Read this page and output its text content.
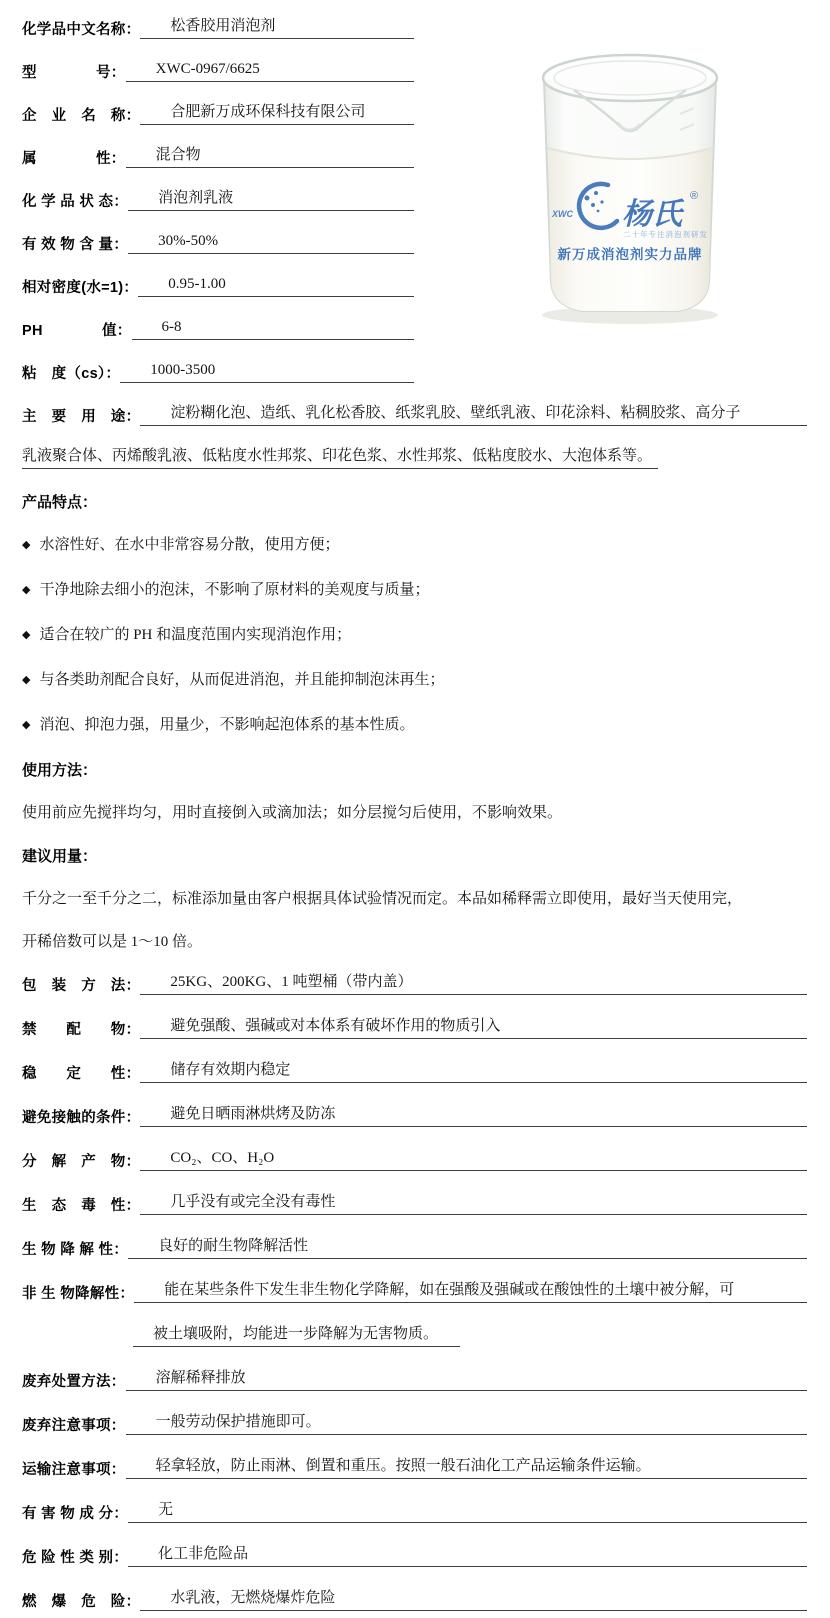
化学品中文名称：	松香胶用消泡剂
型　　　　号：	XWC-0967/6625
企　业　名　称：	合肥新万成环保科技有限公司
属　　　　性：	混合物
化 学 品 状 态：	消泡剂乳液
有 效 物 含 量：	30%-50%
相对密度(水=1)：	0.95-1.00
PH　　　　值：	6-8
粘　度（cs）：	1000-3500
主　要　用　途：	淀粉糊化泡、造纸、乳化松香胶、纸浆乳胶、壁纸乳液、印花涂料、粘稠胶浆、高分子
乳液聚合体、丙烯酸乳液、低粘度水性邦浆、印花色浆、水性邦浆、低粘度胶水、大泡体系等。
产品特点：
◆ 水溶性好、在水中非常容易分散，使用方便；
◆ 干净地除去细小的泡沫，不影响了原材料的美观度与质量；
◆ 适合在较广的 PH 和温度范围内实现消泡作用；
◆ 与各类助剂配合良好，从而促进消泡，并且能抑制泡沫再生；
◆ 消泡、抑泡力强，用量少，不影响起泡体系的基本性质。
使用方法：
使用前应先搅拌均匀，用时直接倒入或滴加法；如分层搅匀后使用，不影响效果。
建议用量：
千分之一至千分之二，标准添加量由客户根据具体试验情况而定。本品如稀释需立即使用，最好当天使用完，
开稀倍数可以是 1～10 倍。
包　装　方　法：	25KG、200KG、1 吨塑桶（带内盖）
禁　　配　　物：	避免强酸、强碱或对本体系有破坏作用的物质引入
稳　　定　　性：	储存有效期内稳定
避免接触的条件：	避免日晒雨淋烘烤及防冻
分　解　产　物：	CO₂、CO、H₂O
生　态　毒　性：	几乎没有或完全没有毒性
生 物 降 解 性：	良好的耐生物降解活性
非 生 物降解性：	能在某些条件下发生非生物化学降解，如在强酸及强碱或在酸蚀性的土壤中被分解，可
被土壤吸附，均能进一步降解为无害物质。
废弃处置方法：	溶解稀释排放
废弃注意事项：	一般劳动保护措施即可。
运输注意事项：	轻拿轻放，防止雨淋、倒置和重压。按照一般石油化工产品运输条件运输。
有 害 物 成 分：	无
危 险 性 类 别：	化工非危险品
燃　爆　危　险：	水乳液，无燃烧爆炸危险
XWC 杨氏
®
二十年专注消泡剂研发
新万成消泡剂实力品牌
